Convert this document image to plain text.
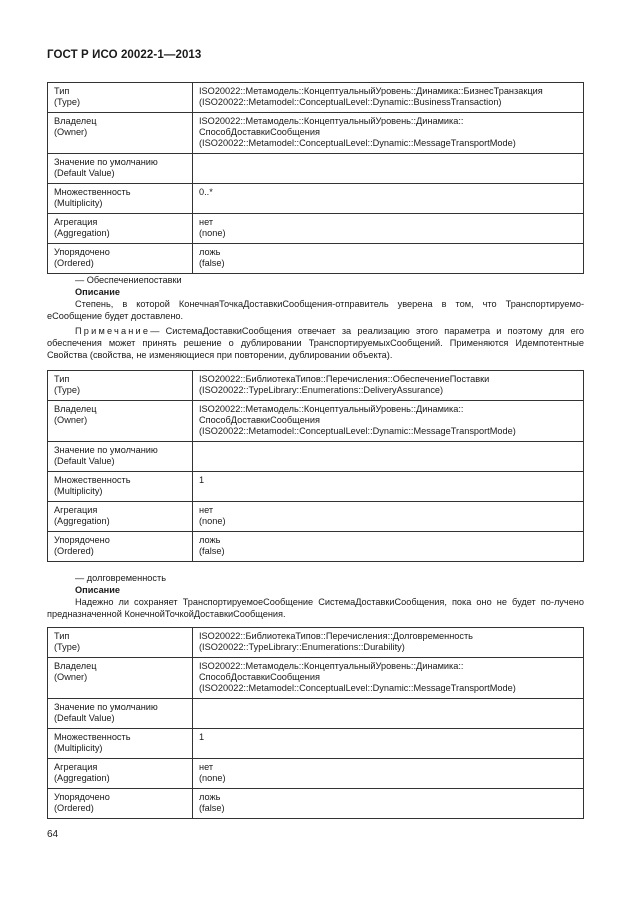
ГОСТ Р ИСО 20022-1—2013
Тип
(Type)	ISO20022::Метамодель::КонцептуальныйУровень::Динамика::БизнесТранзакция
(ISO20022::Metamodel::ConceptualLevel::Dynamic::BusinessTransaction)

Владелец
(Owner)	ISO20022::Метамодель::КонцептуальныйУровень::Динамика::
СпособДоставкиСообщения
(ISO20022::Metamodel::ConceptualLevel::Dynamic::MessageTransportMode)

Значение по умолчанию
(Default Value)	

Множественность
(Multiplicity)	0..*

Агрегация
(Aggregation)	нет
(none)

Упорядочено
(Ordered)	ложь
(false)
— Обеспечениепоставки
Описание

Степень, в которой КонечнаяТочкаДоставкиСообщения-отправитель уверена в том, что Транспортируемо-еСообщение будет доставлено.

Примечание— СистемаДоставкиСообщения отвечает за реализацию этого параметра и поэтому для его обеспечения может принять решение о дублировании ТранспортируемыхСообщений. Применяются Идемпотентные Свойства (свойства, не изменяющиеся при повторении, дублировании объекта).

Тип
(Type)	ISO20022::БиблиотекаТипов::Перечисления::ОбеспечениеПоставки
(ISO20022::TypeLibrary::Enumerations::DeliveryAssurance)

Владелец
(Owner)	ISO20022::Метамодель::КонцептуальныйУровень::Динамика::
СпособДоставкиСообщения
(ISO20022::Metamodel::ConceptualLevel::Dynamic::MessageTransportMode)

Значение по умолчанию
(Default Value)	

Множественность
(Multiplicity)	1

Агрегация
(Aggregation)	нет
(none)

Упорядочено
(Ordered)	ложь
(false)
— долговременность
Описание

Надежно ли сохраняет ТранспортируемоеСообщение СистемаДоставкиСообщения, пока оно не будет по-лучено предназначенной КонечнойТочкойДоставкиСообщения.

Тип
(Type)	ISO20022::БиблиотекаТипов::Перечисления::Долговременность
(ISO20022::TypeLibrary::Enumerations::Durability)

Владелец
(Owner)	ISO20022::Метамодель::КонцептуальныйУровень::Динамика::
СпособДоставкиСообщения
(ISO20022::Metamodel::ConceptualLevel::Dynamic::MessageTransportMode)

Значение по умолчанию
(Default Value)	

Множественность
(Multiplicity)	1

Агрегация
(Aggregation)	нет
(none)

Упорядочено
(Ordered)	ложь
(false)
64
